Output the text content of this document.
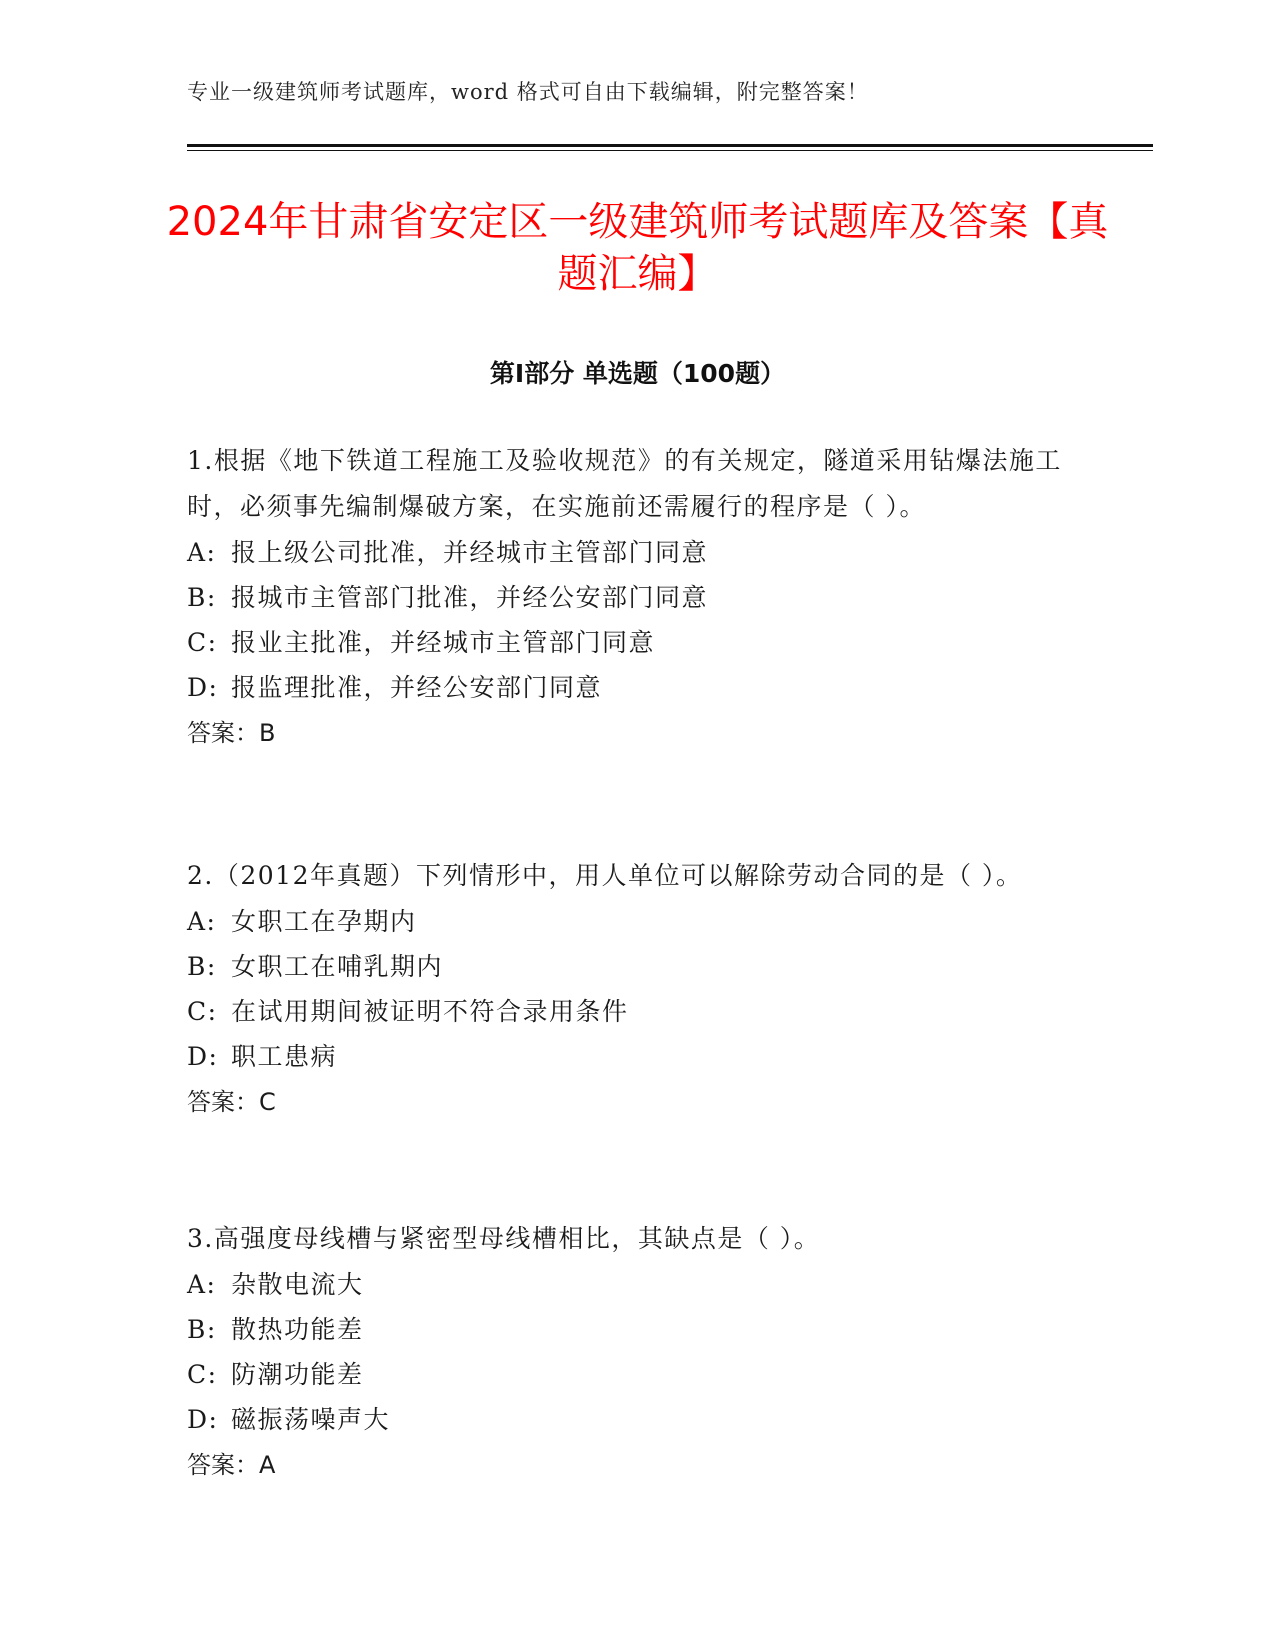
专业一级建筑师考试题库，word 格式可自由下载编辑，附完整答案！
2024年甘肃省安定区一级建筑师考试题库及答案【真题汇编】
第I部分 单选题（100题）

1.根据《地下铁道工程施工及验收规范》的有关规定，隧道采用钻爆法施工时，必须事先编制爆破方案，在实施前还需履行的程序是（ ）。

A: 报上级公司批准，并经城市主管部门同意

B: 报城市主管部门批准，并经公安部门同意

C: 报业主批准，并经城市主管部门同意

D: 报监理批准，并经公安部门同意

答案：B

2.（2012年真题）下列情形中，用人单位可以解除劳动合同的是（ ）。

A: 女职工在孕期内

B: 女职工在哺乳期内

C: 在试用期间被证明不符合录用条件

D: 职工患病

答案：C

3.高强度母线槽与紧密型母线槽相比，其缺点是（ ）。

A: 杂散电流大

B: 散热功能差

C: 防潮功能差

D: 磁振荡噪声大

答案：A
